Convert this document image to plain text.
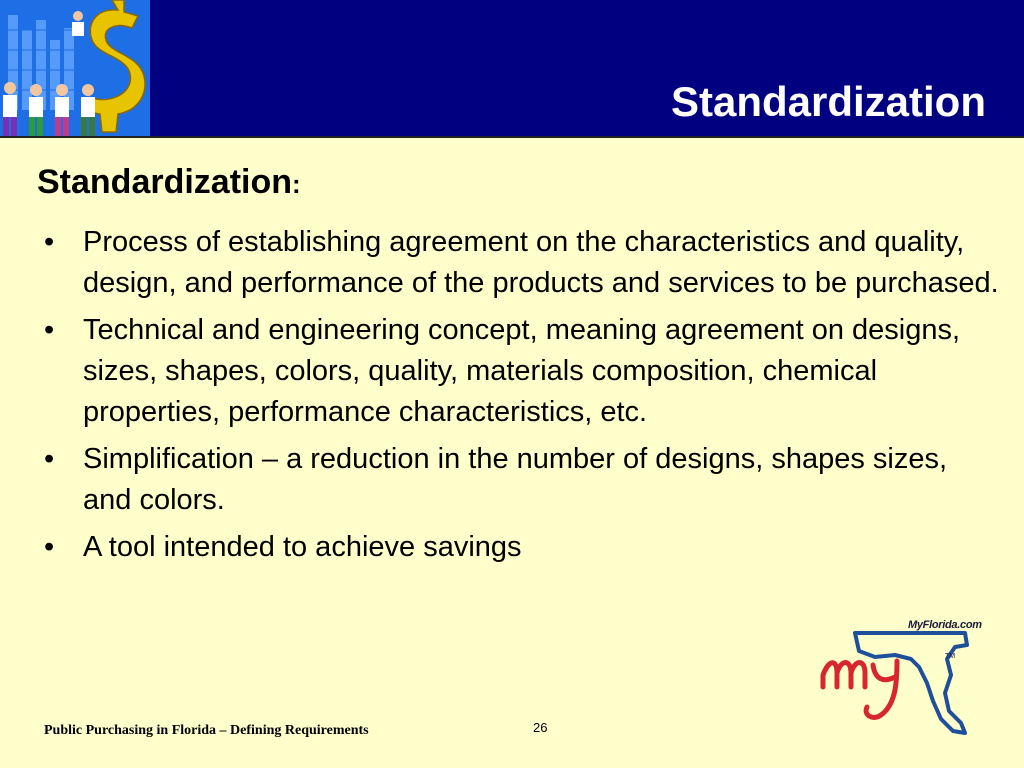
Standardization
Standardization:
• Process of establishing agreement on the characteristics and quality, design, and performance of the products and services to be purchased.
• Technical and engineering concept, meaning agreement on designs, sizes, shapes, colors, quality, materials composition, chemical properties, performance characteristics, etc.
• Simplification – a reduction in the number of designs, shapes sizes, and colors.
• A tool intended to achieve savings
MyFlorida.com
TM
Public Purchasing in Florida – Defining Requirements	26
